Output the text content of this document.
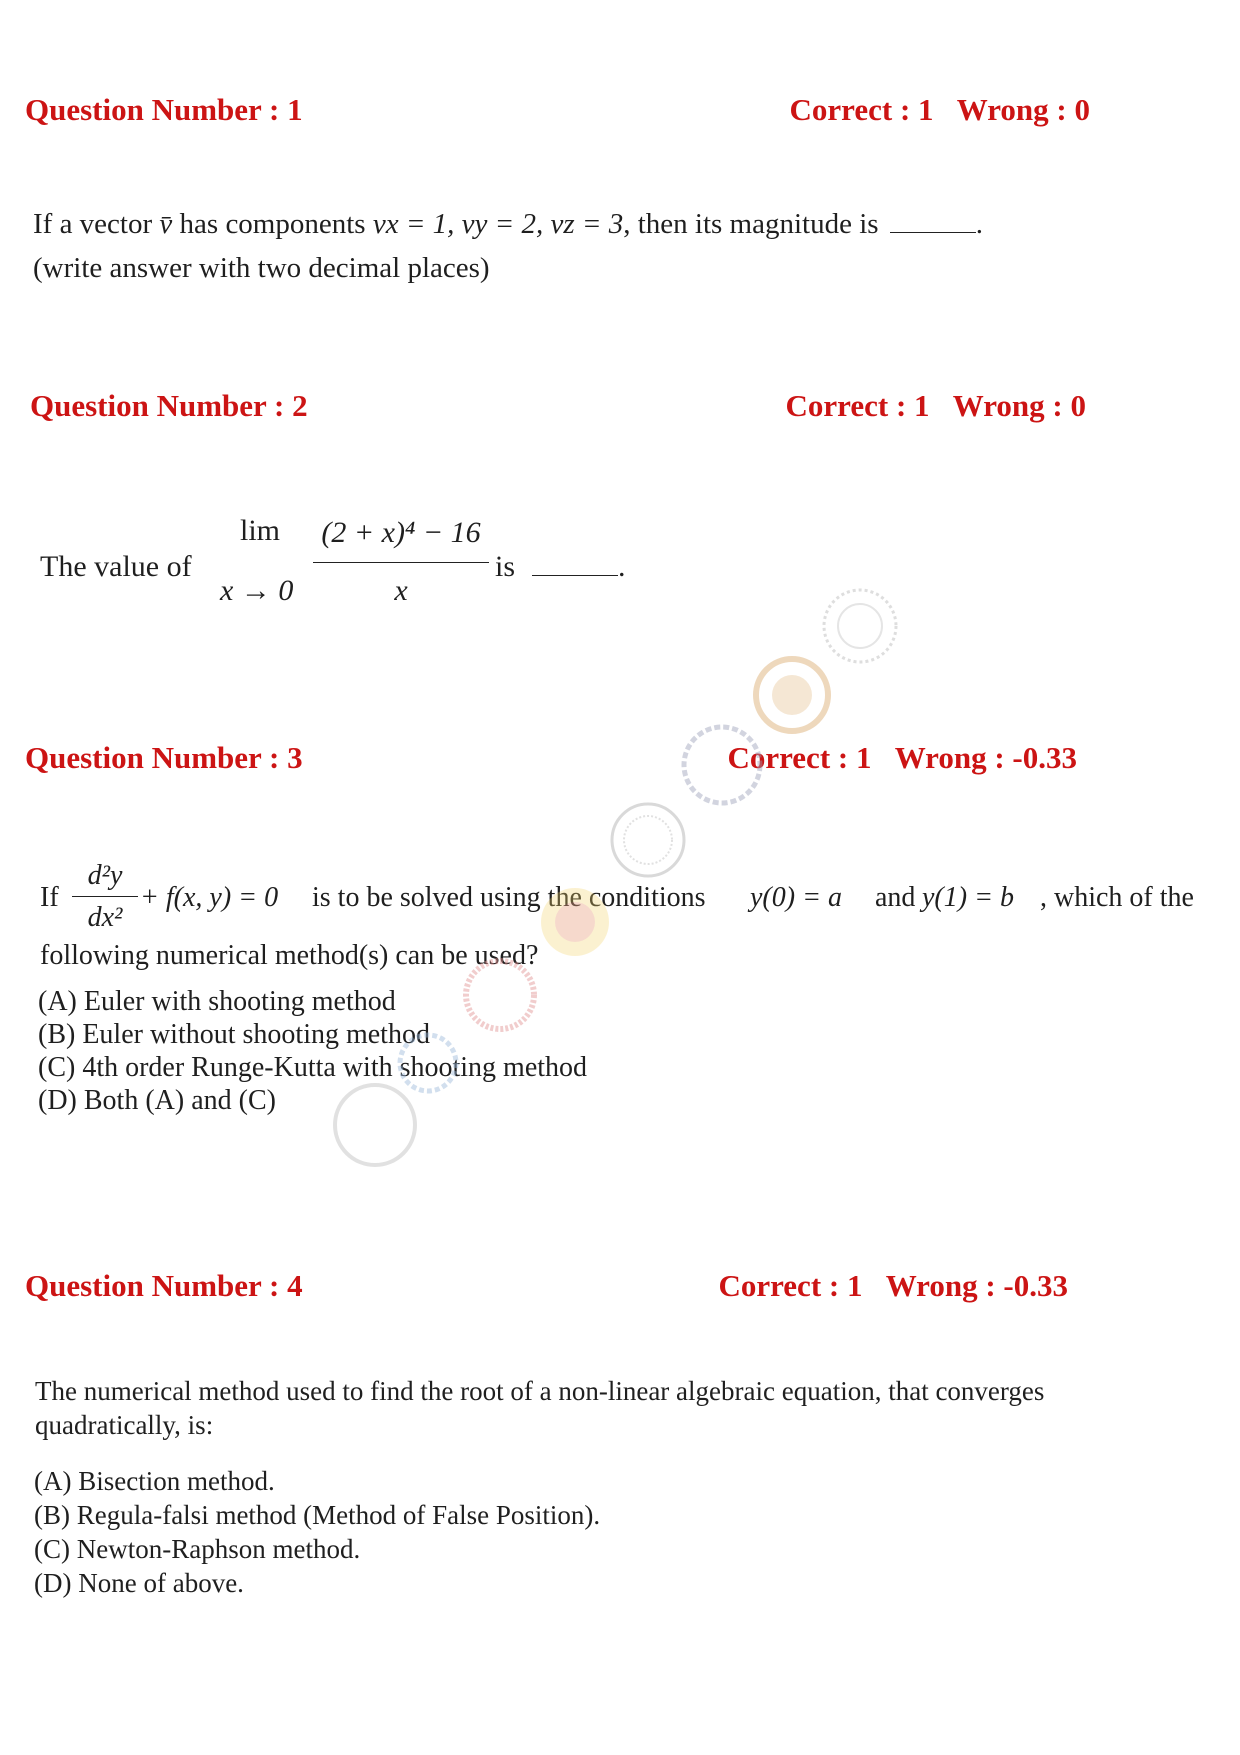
Question Number : 1	Correct : 1 Wrong : 0
If a vector v̄ has components vx = 1, vy = 2, vz = 3, then its magnitude is	.
(write answer with two decimal places)
Question Number : 2	Correct : 1 Wrong : 0
The value of
lim
x → 0
(2 + x)⁴ − 16
x
is	.
Question Number : 3	Correct : 1 Wrong : -0.33
If
d²y
dx²
+ f(x, y) = 0 is to be solved using the conditions y(0) = a and y(1) = b , which of the
following numerical method(s) can be used?
(A) Euler with shooting method
(B) Euler without shooting method
(C) 4th order Runge-Kutta with shooting method
(D) Both (A) and (C)
Question Number : 4	Correct : 1 Wrong : -0.33
The numerical method used to find the root of a non-linear algebraic equation, that converges
quadratically, is:
(A) Bisection method.
(B) Regula-falsi method (Method of False Position).
(C) Newton-Raphson method.
(D) None of above.
